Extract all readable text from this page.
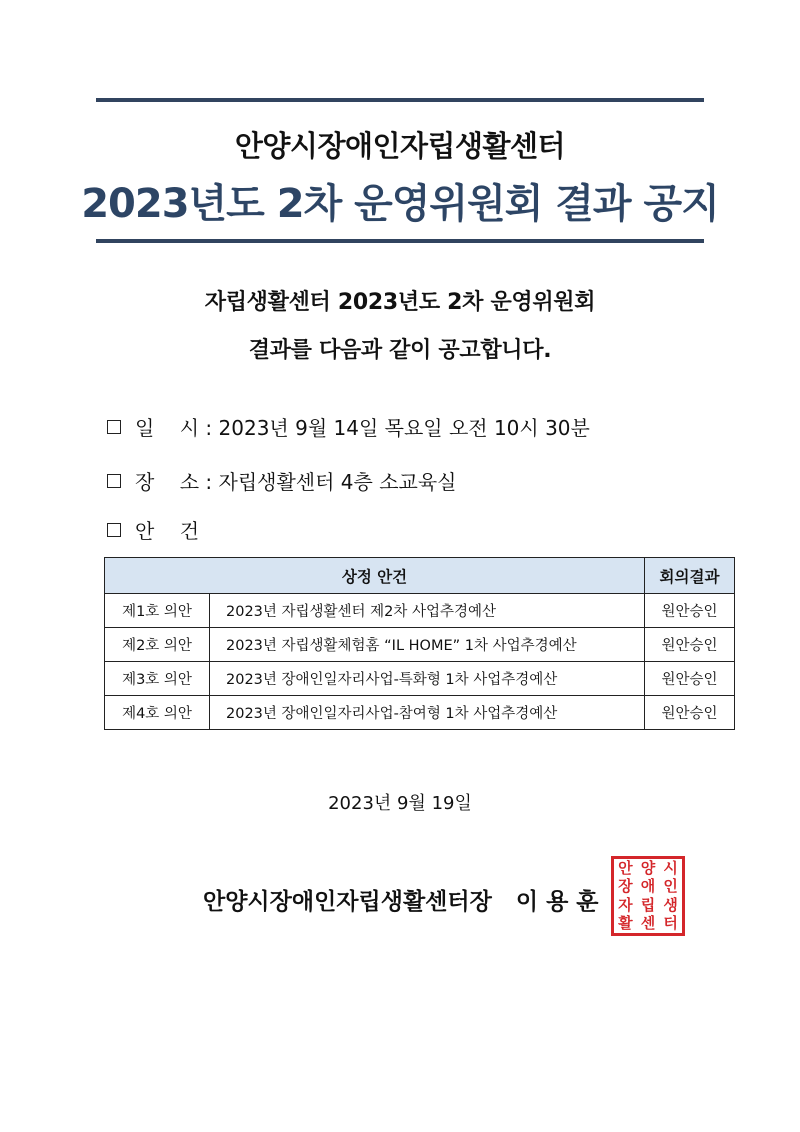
안양시장애인자립생활센터
2023년도 2차 운영위원회 결과 공지
자립생활센터 2023년도 2차 운영위원회
결과를 다음과 같이 공고합니다.
일    시 : 2023년 9월 14일 목요일 오전 10시 30분
장    소 : 자립생활센터 4층 소교육실
안    건
상정 안건		회의결과
제1호 의안	2023년 자립생활센터 제2차 사업추경예산	원안승인
제2호 의안	2023년 자립생활체험홈 “IL HOME” 1차 사업추경예산	원안승인
제3호 의안	2023년 장애인일자리사업-특화형 1차 사업추경예산	원안승인
제4호 의안	2023년 장애인일자리사업-참여형 1차 사업추경예산	원안승인
2023년 9월 19일
안양시장애인자립생활센터장   이 용 훈
안 양 시
장 애 인
자 립 생
활 센 터
